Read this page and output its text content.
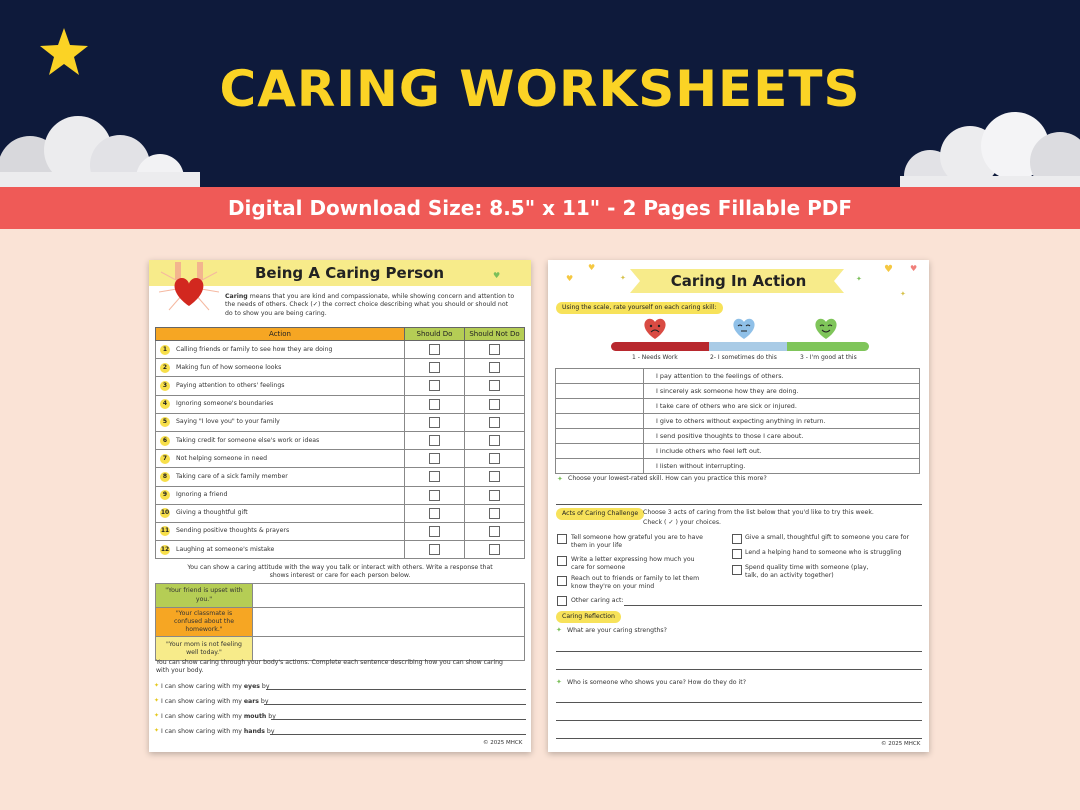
CARING WORKSHEETS
Digital Download Size: 8.5" x 11" - 2 Pages Fillable PDF
Being A Caring Person	♥
Caring means that you are kind and compassionate, while showing concern and attention to the needs of others. Check (✓) the correct choice describing what you should or should not do to show you are being caring.
Action	Should Do	Should Not Do
1 Calling friends or family to see how they are doing	

2 Making fun of how someone looks	

3 Paying attention to others' feelings	

4 Ignoring someone's boundaries	

5 Saying "I love you" to your family	

6 Taking credit for someone else's work or ideas	

7 Not helping someone in need	

8 Taking care of a sick family member	

9 Ignoring a friend	

10 Giving a thoughtful gift	

11 Sending positive thoughts & prayers	

12 Laughing at someone's mistake	

You can show a caring attitude with the way you talk or interact with others. Write a response that shows interest or care for each person below.
"Your friend is upset with you."	
"Your classmate is confused about the homework."	
"Your mom is not feeling well today."	
You can show caring through your body's actions. Complete each sentence describing how you can show caring with your body.
✦ I can show caring with my eyes by
✦ I can show caring with my ears by
✦ I can show caring with my mouth by
✦ I can show caring with my hands by
© 2025 MHCK
♥
♥	✦
♥ ♥
✦
✦
Caring In Action
Using the scale, rate yourself on each caring skill:
1 - Needs Work	2- I sometimes do this	3 - I'm good at this
	I pay attention to the feelings of others.
	I sincerely ask someone how they are doing.
	I take care of others who are sick or injured.
	I give to others without expecting anything in return.
	I send positive thoughts to those I care about.
	I include others who feel left out.
	I listen without interrupting.
✦ Choose your lowest-rated skill. How can you practice this more?
Acts of Caring Challenge Choose 3 acts of caring from the list below that you'd like to try this week.
Check ( ✓ ) your choices.
Tell someone how grateful you are to have them in your life
Write a letter expressing how much you care for someone
Reach out to friends or family to let them know they're on your mind
Other caring act:
Give a small, thoughtful gift to someone you care for
Lend a helping hand to someone who is struggling
Spend quality time with someone (play, talk, do an activity together)
Caring Reflection
✦ What are your caring strengths?
✦ Who is someone who shows you care? How do they do it?
© 2025 MHCK
